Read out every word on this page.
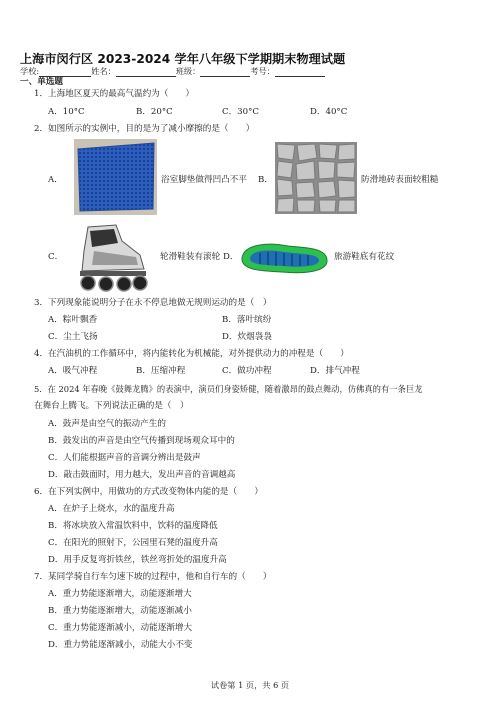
上海市闵行区 2023-2024 学年八年级下学期期末物理试题
学校:	姓名：	班级：	考号：
一、单选题
1．上海地区夏天的最高气温约为（　　）
A．10°C	B．20°C	C．30°C	D．40°C
2．如图所示的实例中，目的是为了减小摩擦的是（　　）
A．	浴室脚垫做得凹凸不平 B．	防滑地砖表面较粗糙
C．	轮滑鞋装有滚轮 D．	旅游鞋底有花纹
3．下列现象能说明分子在永不停息地做无规则运动的是（　）
A．粽叶飘香	B．落叶缤纷
C．尘土飞扬	D．炊烟袅袅
4．在汽油机的工作循环中，将内能转化为机械能，对外提供动力的冲程是（　　）
A．吸气冲程	B．压缩冲程	C．做功冲程	D．排气冲程
5．在 2024 年春晚《鼓舞龙腾》的表演中，演员们身姿矫健，随着激昂的鼓点舞动，仿佛真的有一条巨龙
在舞台上腾飞。下列说法正确的是（　）
A．鼓声是由空气的振动产生的
B．鼓发出的声音是由空气传播到现场观众耳中的
C．人们能根据声音的音调分辨出是鼓声
D．敲击鼓面时，用力越大，发出声音的音调越高
6．在下列实例中，用做功的方式改变物体内能的是（　　）
A．在炉子上烧水，水的温度升高
B．将冰块放入常温饮料中，饮料的温度降低
C．在阳光的照射下，公园里石凳的温度升高
D．用手反复弯折铁丝，铁丝弯折处的温度升高
7．某同学骑自行车匀速下坡的过程中，他和自行车的（　　）
A．重力势能逐渐增大，动能逐渐增大
B．重力势能逐渐增大，动能逐渐减小
C．重力势能逐渐减小，动能逐渐增大
D．重力势能逐渐减小，动能大小不变
试卷第 1 页，共 6 页
